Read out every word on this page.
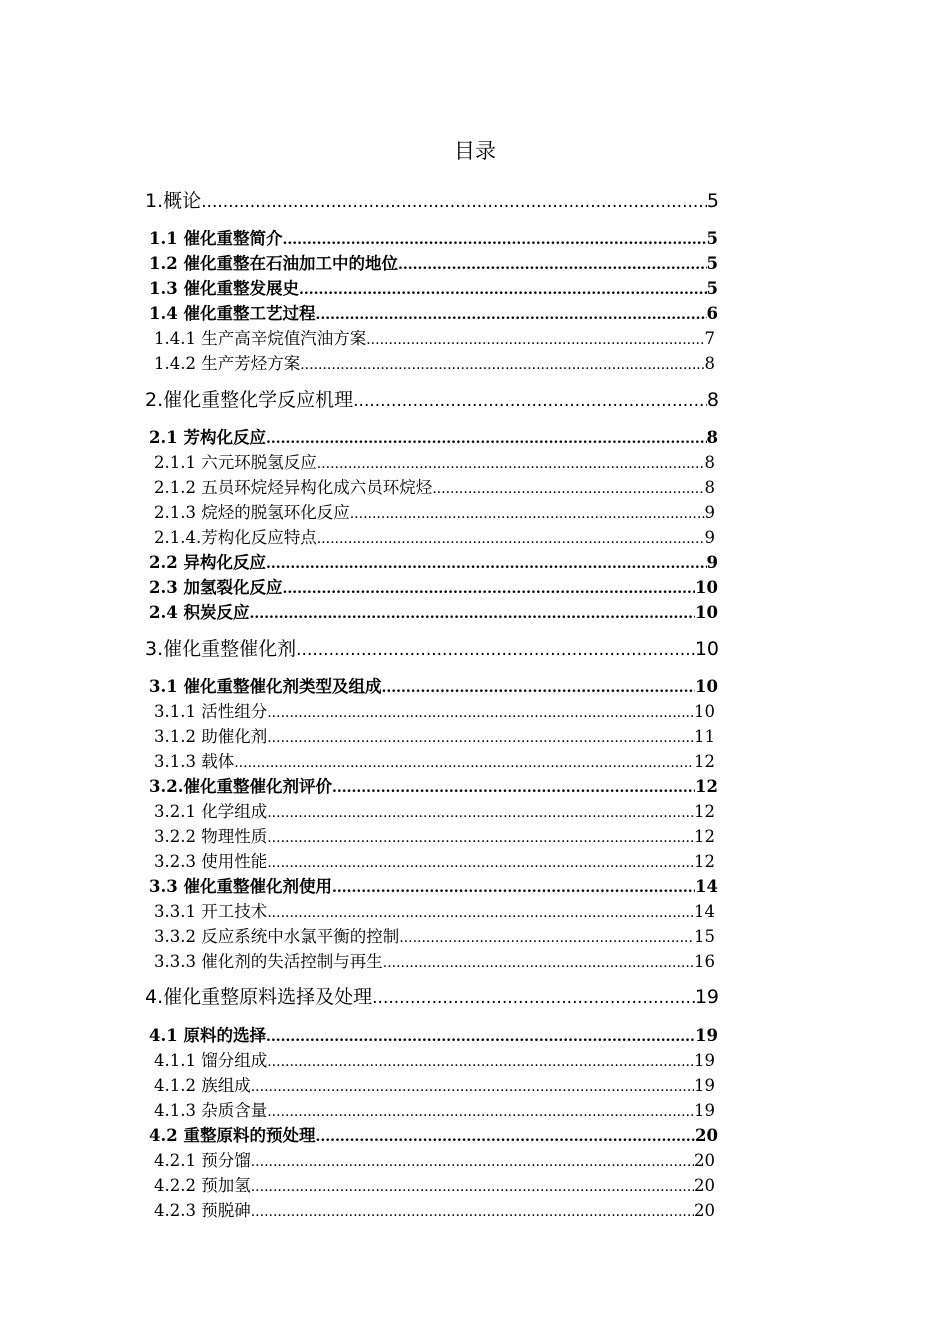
目录
1.概论 .....	5
1.1 催化重整简介 .....	5
1.2 催化重整在石油加工中的地位 .....	5
1.3 催化重整发展史 .....	5
1.4 催化重整工艺过程 .....	6
1.4.1 生产高辛烷值汽油方案 .....	7
1.4.2 生产芳烃方案 .....	8
2.催化重整化学反应机理 .....	8
2.1 芳构化反应 .....	8
2.1.1 六元环脱氢反应 .....	8
2.1.2 五员环烷烃异构化成六员环烷烃 .....	8
2.1.3 烷烃的脱氢环化反应 .....	9
2.1.4.芳构化反应特点 .....	9
2.2 异构化反应 .....	9
2.3 加氢裂化反应 .....	10
2.4 积炭反应 .....	10
3.催化重整催化剂 .....	10
3.1 催化重整催化剂类型及组成 .....	10
3.1.1 活性组分 .....	10
3.1.2 助催化剂 .....	11
3.1.3 载体 .....	12
3.2.催化重整催化剂评价 .....	12
3.2.1 化学组成 .....	12
3.2.2 物理性质 .....	12
3.2.3 使用性能 .....	12
3.3 催化重整催化剂使用 .....	14
3.3.1 开工技术 .....	14
3.3.2 反应系统中水氯平衡的控制 .....	15
3.3.3 催化剂的失活控制与再生 .....	16
4.催化重整原料选择及处理 .....	19
4.1 原料的选择 .....	19
4.1.1 馏分组成 .....	19
4.1.2 族组成 .....	19
4.1.3 杂质含量 .....	19
4.2 重整原料的预处理 .....	20
4.2.1 预分馏 .....	20
4.2.2 预加氢 .....	20
4.2.3 预脱砷 .....	20
